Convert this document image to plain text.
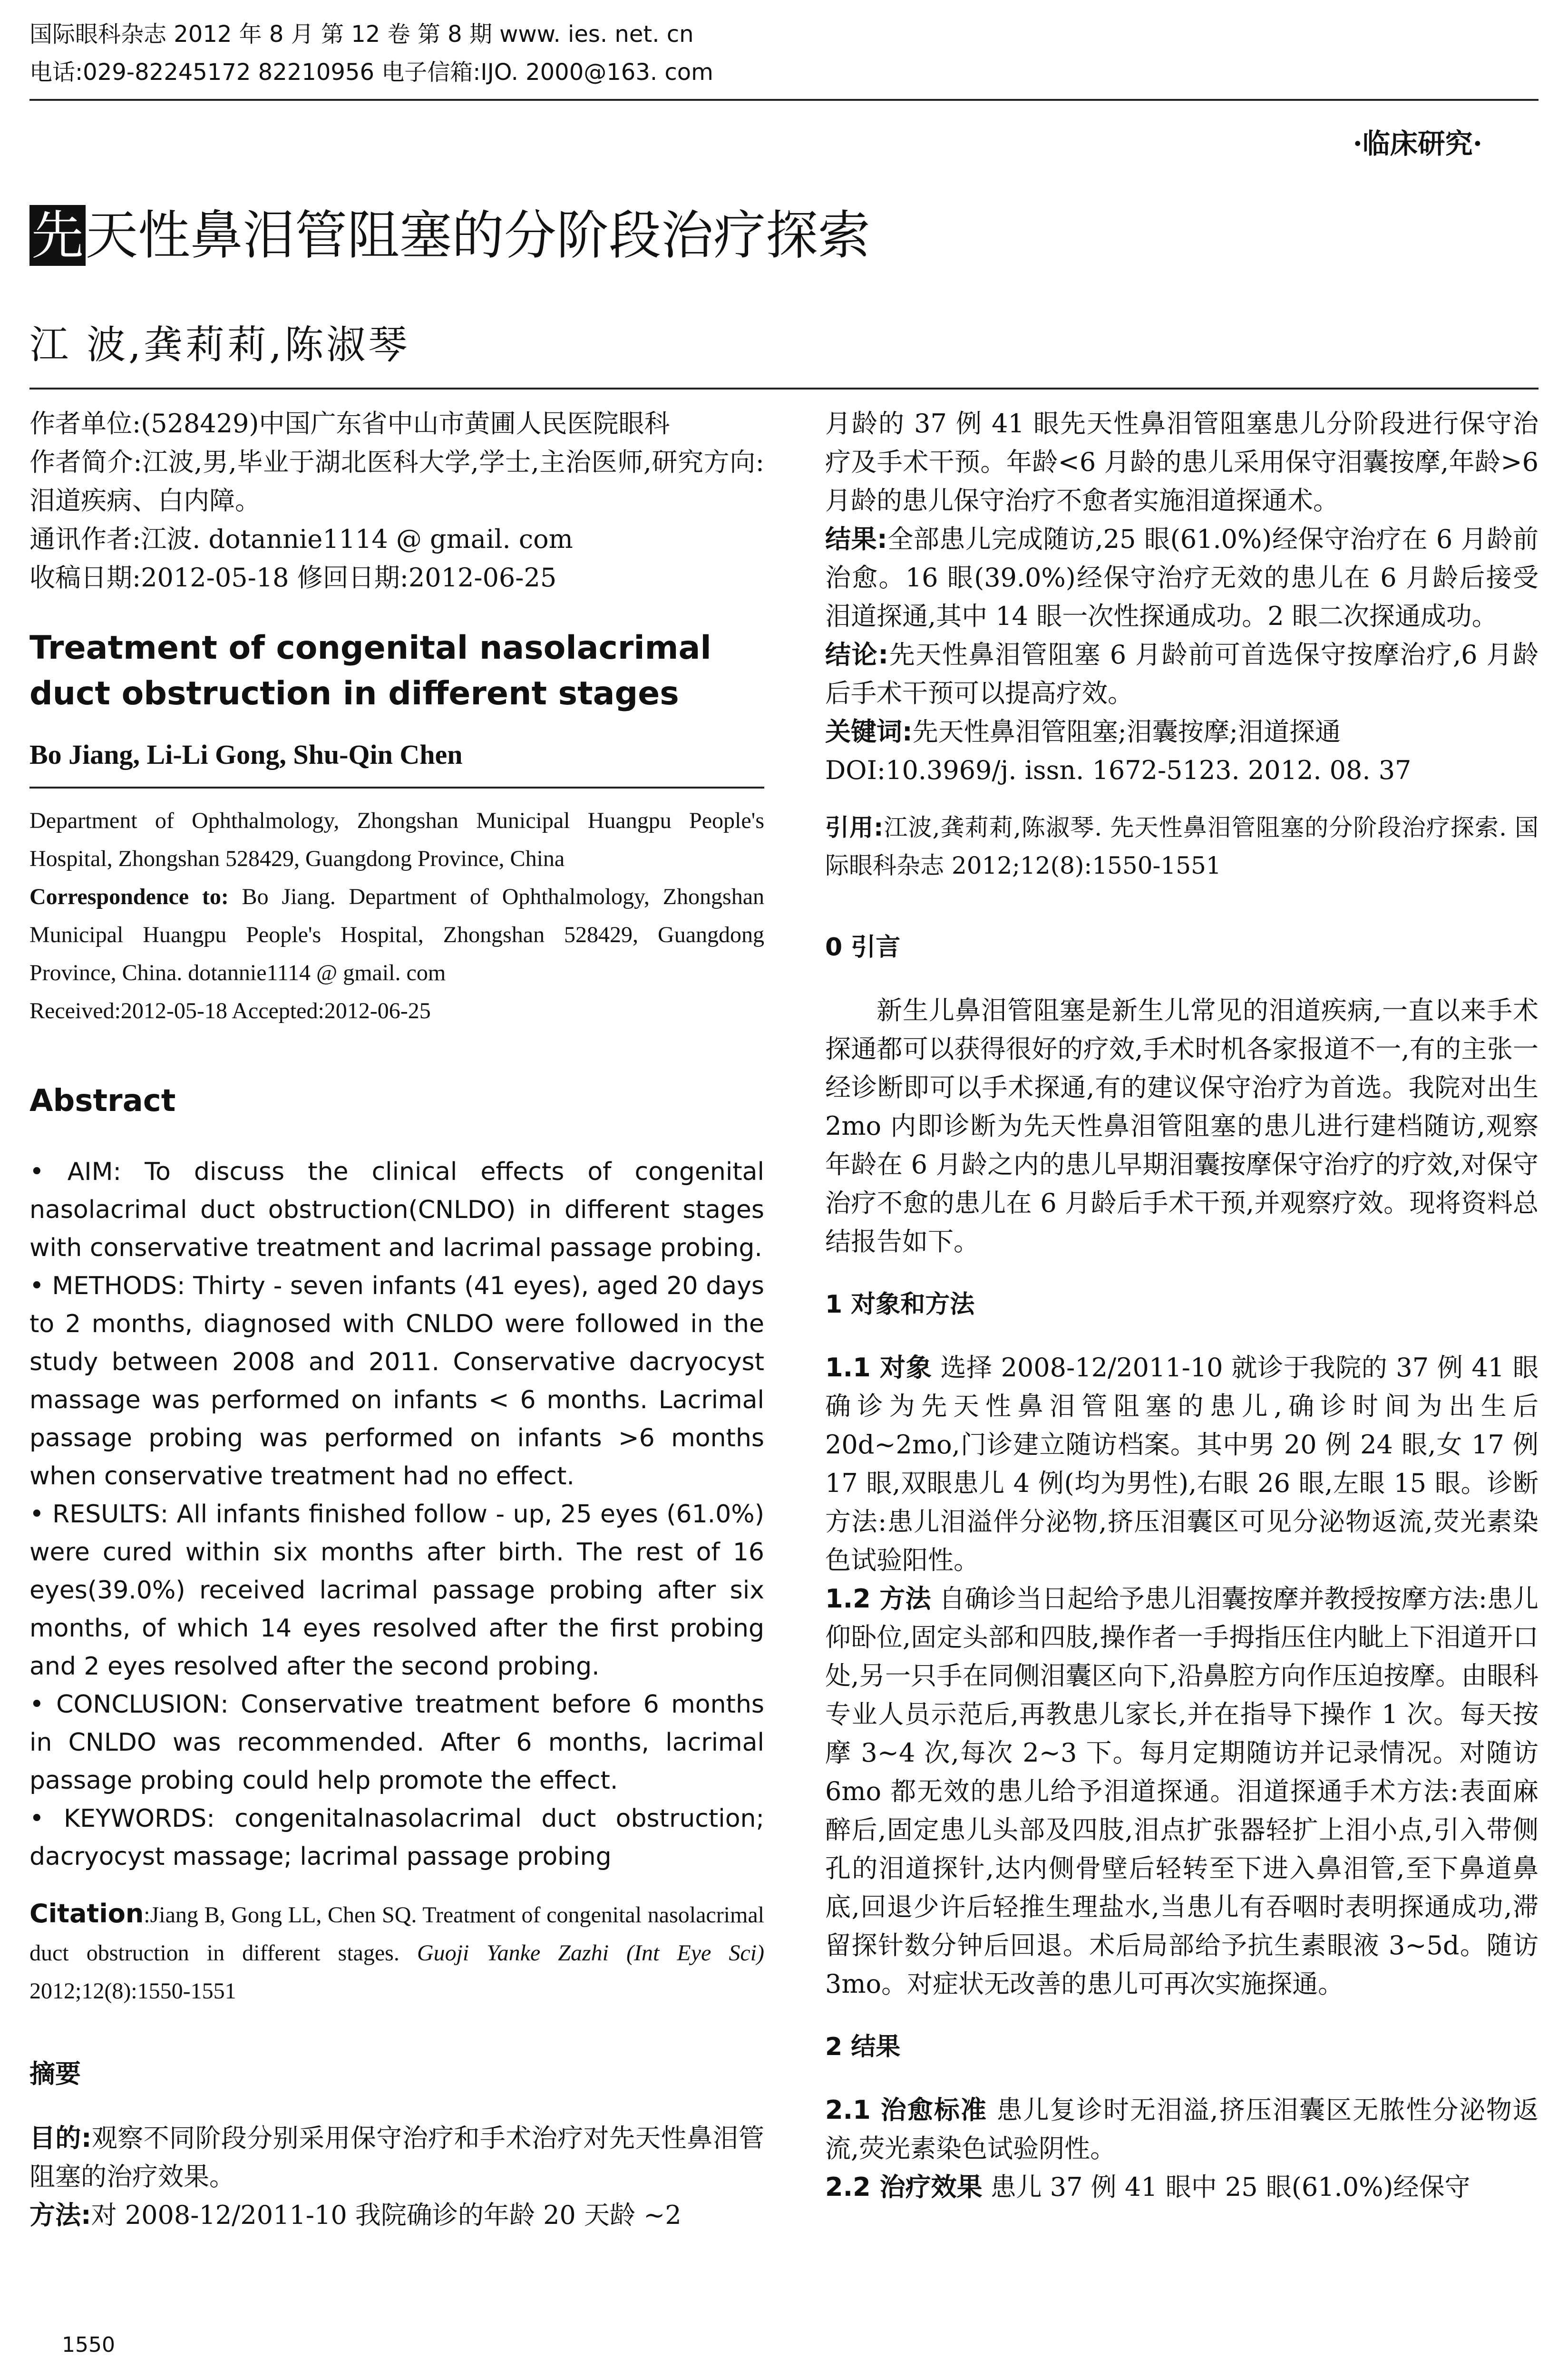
国际眼科杂志 2012 年 8 月 第 12 卷 第 8 期 www. ies. net. cn
电话:029-82245172 82210956 电子信箱:IJO. 2000@163. com
·临床研究·
先天性鼻泪管阻塞的分阶段治疗探索
江 波,龚莉莉,陈淑琴

作者单位:(528429)中国广东省中山市黄圃人民医院眼科

作者简介:江波,男,毕业于湖北医科大学,学士,主治医师,研究方向:泪道疾病、白内障。

通讯作者:江波. dotannie1114 @ gmail. com

收稿日期:2012-05-18 修回日期:2012-06-25

Treatment of congenital nasolacrimal duct obstruction in different stages

Bo Jiang, Li-Li Gong, Shu-Qin Chen

Department of Ophthalmology, Zhongshan Municipal Huangpu People's Hospital, Zhongshan 528429, Guangdong Province, China

Correspondence to: Bo Jiang. Department of Ophthalmology, Zhongshan Municipal Huangpu People's Hospital, Zhongshan 528429, Guangdong Province, China. dotannie1114 @ gmail. com

Received:2012-05-18 Accepted:2012-06-25

Abstract

• AIM: To discuss the clinical effects of congenital nasolacrimal duct obstruction(CNLDO) in different stages with conservative treatment and lacrimal passage probing.

• METHODS: Thirty - seven infants (41 eyes), aged 20 days to 2 months, diagnosed with CNLDO were followed in the study between 2008 and 2011. Conservative dacryocyst massage was performed on infants < 6 months. Lacrimal passage probing was performed on infants >6 months when conservative treatment had no effect.

• RESULTS: All infants finished follow - up, 25 eyes (61.0%) were cured within six months after birth. The rest of 16 eyes(39.0%) received lacrimal passage probing after six months, of which 14 eyes resolved after the first probing and 2 eyes resolved after the second probing.

• CONCLUSION: Conservative treatment before 6 months in CNLDO was recommended. After 6 months, lacrimal passage probing could help promote the effect.

• KEYWORDS: congenitalnasolacrimal duct obstruction; dacryocyst massage; lacrimal passage probing

Citation:Jiang B, Gong LL, Chen SQ. Treatment of congenital nasolacrimal duct obstruction in different stages. Guoji Yanke Zazhi (Int Eye Sci) 2012;12(8):1550-1551

摘要

目的:观察不同阶段分别采用保守治疗和手术治疗对先天性鼻泪管阻塞的治疗效果。

方法:对 2008-12/2011-10 我院确诊的年龄 20 天龄 ~2

月龄的 37 例 41 眼先天性鼻泪管阻塞患儿分阶段进行保守治疗及手术干预。年龄<6 月龄的患儿采用保守泪囊按摩,年龄>6 月龄的患儿保守治疗不愈者实施泪道探通术。

结果:全部患儿完成随访,25 眼(61.0%)经保守治疗在 6 月龄前治愈。16 眼(39.0%)经保守治疗无效的患儿在 6 月龄后接受泪道探通,其中 14 眼一次性探通成功。2 眼二次探通成功。

结论:先天性鼻泪管阻塞 6 月龄前可首选保守按摩治疗,6 月龄后手术干预可以提高疗效。

关键词:先天性鼻泪管阻塞;泪囊按摩;泪道探通

DOI:10.3969/j. issn. 1672-5123. 2012. 08. 37

引用:江波,龚莉莉,陈淑琴. 先天性鼻泪管阻塞的分阶段治疗探索. 国际眼科杂志 2012;12(8):1550-1551

0 引言

新生儿鼻泪管阻塞是新生儿常见的泪道疾病,一直以来手术探通都可以获得很好的疗效,手术时机各家报道不一,有的主张一经诊断即可以手术探通,有的建议保守治疗为首选。我院对出生 2mo 内即诊断为先天性鼻泪管阻塞的患儿进行建档随访,观察年龄在 6 月龄之内的患儿早期泪囊按摩保守治疗的疗效,对保守治疗不愈的患儿在 6 月龄后手术干预,并观察疗效。现将资料总结报告如下。

1 对象和方法

1.1 对象 选择 2008-12/2011-10 就诊于我院的 37 例 41 眼确诊为先天性鼻泪管阻塞的患儿,确诊时间为出生后 20d~2mo,门诊建立随访档案。其中男 20 例 24 眼,女 17 例 17 眼,双眼患儿 4 例(均为男性),右眼 26 眼,左眼 15 眼。诊断方法:患儿泪溢伴分泌物,挤压泪囊区可见分泌物返流,荧光素染色试验阳性。

1.2 方法 自确诊当日起给予患儿泪囊按摩并教授按摩方法:患儿仰卧位,固定头部和四肢,操作者一手拇指压住内眦上下泪道开口处,另一只手在同侧泪囊区向下,沿鼻腔方向作压迫按摩。由眼科专业人员示范后,再教患儿家长,并在指导下操作 1 次。每天按摩 3~4 次,每次 2~3 下。每月定期随访并记录情况。对随访 6mo 都无效的患儿给予泪道探通。泪道探通手术方法:表面麻醉后,固定患儿头部及四肢,泪点扩张器轻扩上泪小点,引入带侧孔的泪道探针,达内侧骨壁后轻转至下进入鼻泪管,至下鼻道鼻底,回退少许后轻推生理盐水,当患儿有吞咽时表明探通成功,滞留探针数分钟后回退。术后局部给予抗生素眼液 3~5d。随访 3mo。对症状无改善的患儿可再次实施探通。

2 结果

2.1 治愈标准 患儿复诊时无泪溢,挤压泪囊区无脓性分泌物返流,荧光素染色试验阴性。

2.2 治疗效果 患儿 37 例 41 眼中 25 眼(61.0%)经保守

1550
